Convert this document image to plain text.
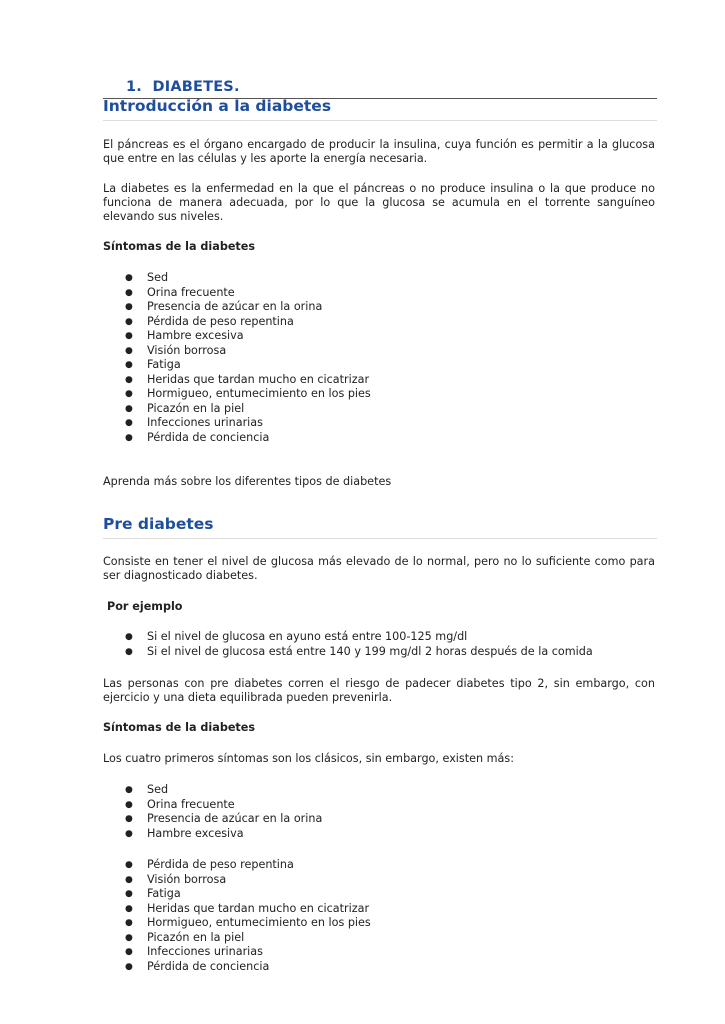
1. DIABETES.
Introducción a la diabetes

El páncreas es el órgano encargado de producir la insulina, cuya función es permitir a la glucosa que entre en las células y les aporte la energía necesaria.

La diabetes es la enfermedad en la que el páncreas o no produce insulina o la que produce no funciona de manera adecuada, por lo que la glucosa se acumula en el torrente sanguíneo elevando sus niveles.

Síntomas de la diabetes
● Sed
● Orina frecuente
● Presencia de azúcar en la orina
● Pérdida de peso repentina
● Hambre excesiva
● Visión borrosa
● Fatiga
● Heridas que tardan mucho en cicatrizar
● Hormigueo, entumecimiento en los pies
● Picazón en la piel
● Infecciones urinarias
● Pérdida de conciencia

Aprenda más sobre los diferentes tipos de diabetes

Pre diabetes

Consiste en tener el nivel de glucosa más elevado de lo normal, pero no lo suficiente como para ser diagnosticado diabetes.

Por ejemplo
● Si el nivel de glucosa en ayuno está entre 100-125 mg/dl
● Si el nivel de glucosa está entre 140 y 199 mg/dl 2 horas después de la comida

Las personas con pre diabetes corren el riesgo de padecer diabetes tipo 2, sin embargo, con ejercicio y una dieta equilibrada pueden prevenirla.

Síntomas de la diabetes

Los cuatro primeros síntomas son los clásicos, sin embargo, existen más:

● Sed
● Orina frecuente
● Presencia de azúcar en la orina
● Hambre excesiva
● Pérdida de peso repentina
● Visión borrosa
● Fatiga
● Heridas que tardan mucho en cicatrizar
● Hormigueo, entumecimiento en los pies
● Picazón en la piel
● Infecciones urinarias
● Pérdida de conciencia
